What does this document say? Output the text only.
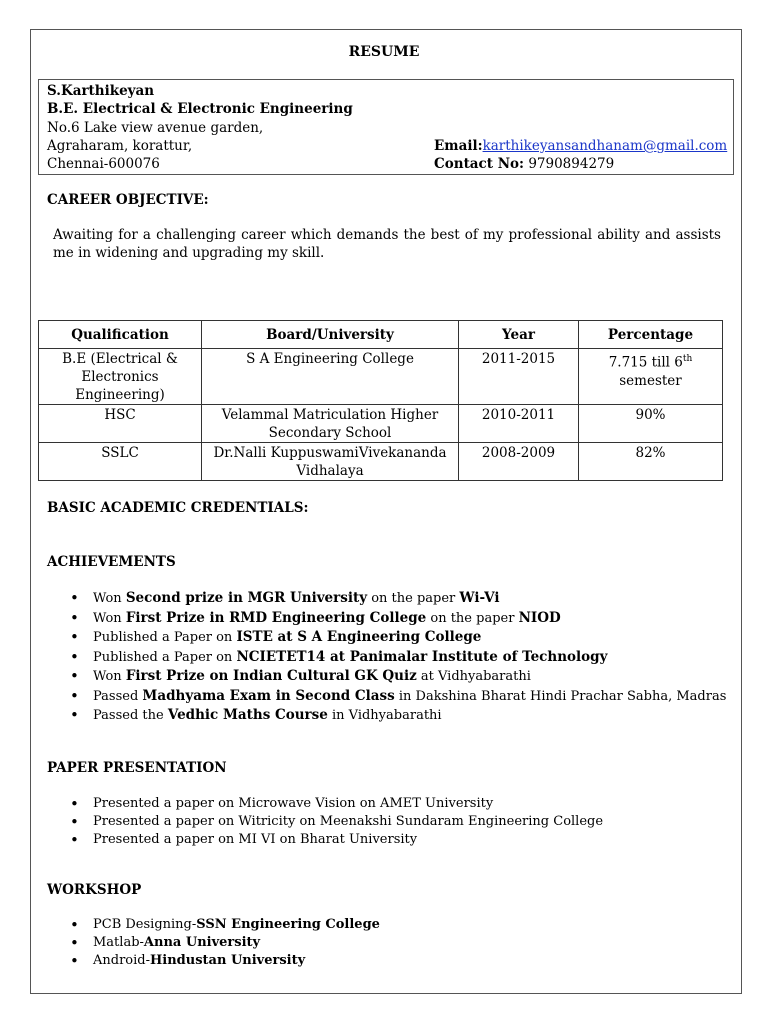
RESUME
S.Karthikeyan
B.E. Electrical & Electronic Engineering
No.6 Lake view avenue garden,
Agraharam, korattur,
Chennai-600076
Email:karthikeyansandhanam@gmail.com
Contact No: 9790894279
CAREER OBJECTIVE:
Awaiting for a challenging career which demands the best of my professional ability and assists me in widening and upgrading my skill.
Qualification	Board/University	Year	Percentage
B.E (Electrical & Electronics Engineering)	S A Engineering College	2011-2015	7.715 till 6th
semester
HSC	Velammal Matriculation Higher Secondary School	2010-2011	90%
SSLC	Dr.Nalli KuppuswamiVivekananda Vidhalaya	2008-2009	82%
BASIC ACADEMIC CREDENTIALS:
ACHIEVEMENTS
• Won Second prize in MGR University on the paper Wi-Vi
• Won First Prize in RMD Engineering College on the paper NIOD
• Published a Paper on ISTE at S A Engineering College
• Published a Paper on NCIETET14 at Panimalar Institute of Technology
• Won First Prize on Indian Cultural GK Quiz at Vidhyabarathi
• Passed Madhyama Exam in Second Class in Dakshina Bharat Hindi Prachar Sabha, Madras
• Passed the Vedhic Maths Course in Vidhyabarathi
PAPER PRESENTATION
• Presented a paper on Microwave Vision on AMET University
• Presented a paper on Witricity on Meenakshi Sundaram Engineering College
• Presented a paper on MI VI on Bharat University
WORKSHOP
• PCB Designing-SSN Engineering College
• Matlab-Anna University
• Android-Hindustan University
